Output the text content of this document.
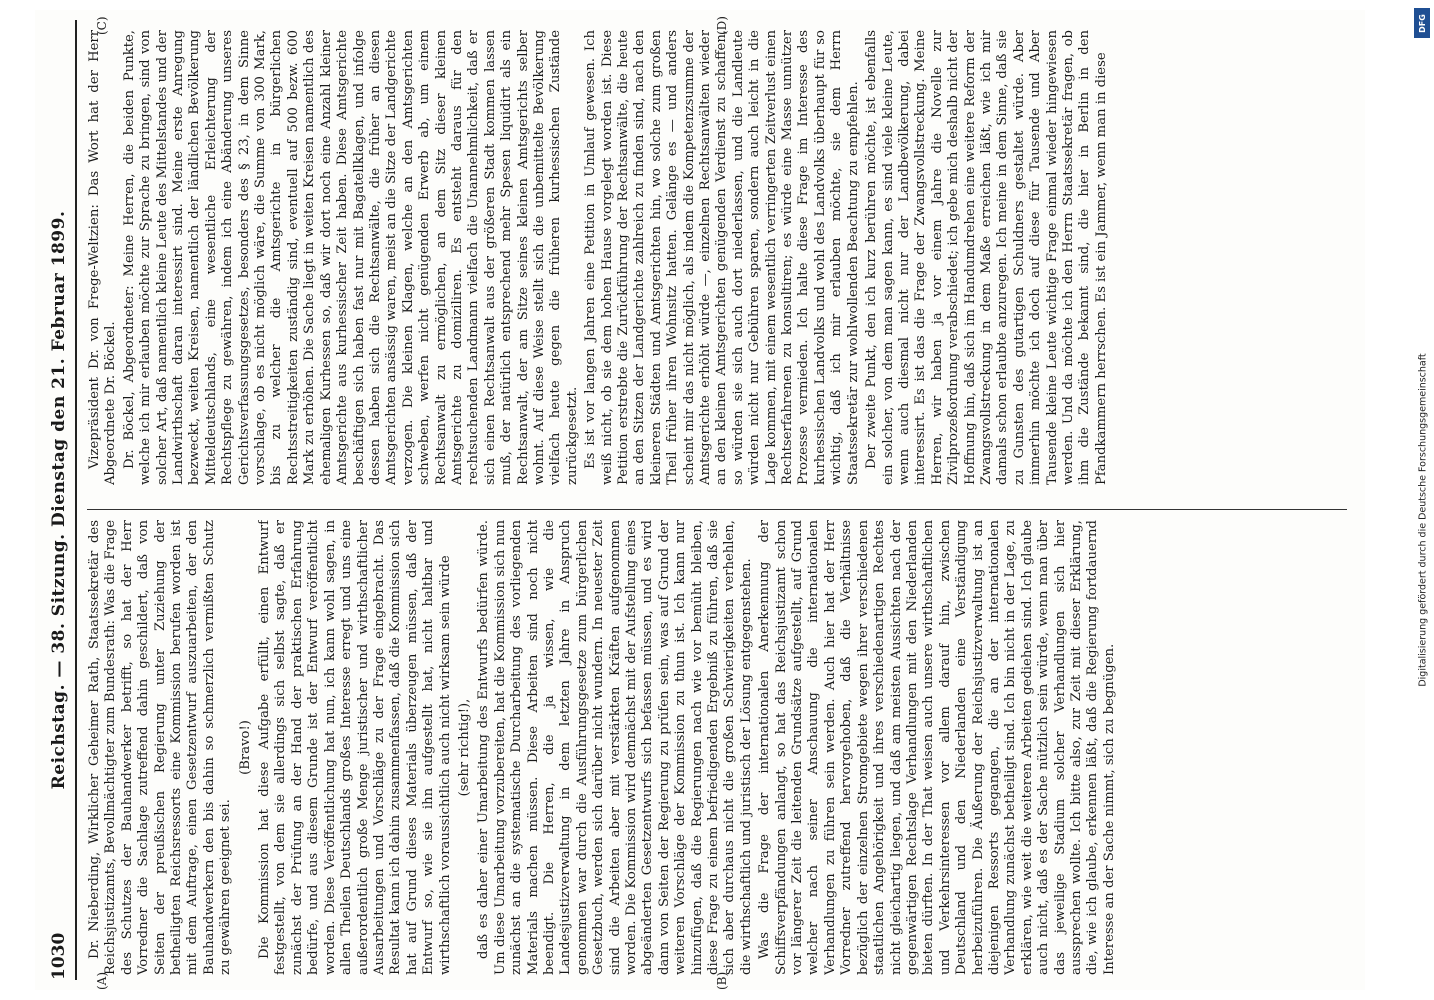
1030
Reichstag. — 38. Sitzung. Dienstag den 21. Februar 1899.
(A)	(B)
(C)	(D)

Dr. Nieberding, Wirklicher Geheimer Rath, Staatssekretär des Reichsjustizamts, Bevollmächtigter zum Bundesrath: Was die Frage des Schutzes der Bauhandwerker betrifft, so hat der Herr Vorredner die Sachlage zutreffend dahin geschildert, daß von Seiten der preußischen Regierung unter Zuziehung der betheiligten Reichsressorts eine Kommission berufen worden ist mit dem Auftrage, einen Gesetzentwurf auszuarbeiten, der den Bauhandwerkern den bis dahin so schmerzlich vermißten Schutz zu gewähren geeignet sei.

(Bravo!) Die Kommission hat diese Aufgabe erfüllt, einen Entwurf festgestellt, von dem sie allerdings sich selbst sagte, daß er zunächst der Prüfung an der Hand der praktischen Erfahrung bedürfe, und aus diesem Grunde ist der Entwurf veröffentlicht worden. Diese Veröffentlichung hat nun, ich kann wohl sagen, in allen Theilen Deutschlands großes Interesse erregt und uns eine außerordentlich große Menge juristischer und wirthschaftlicher Ausarbeitungen und Vorschläge zu der Frage eingebracht. Das Resultat kann ich dahin zusammenfassen, daß die Kommission sich hat auf Grund dieses Materials überzeugen müssen, daß der Entwurf so, wie sie ihn aufgestellt hat, nicht haltbar und wirthschaftlich voraussichtlich auch nicht wirksam sein würde (sehr richtig!), daß es daher einer Umarbeitung des Entwurfs bedürfen würde. Um diese Umarbeitung vorzubereiten, hat die Kommission sich nun zunächst an die systematische Durcharbeitung des vorliegenden Materials machen müssen. Diese Arbeiten sind noch nicht beendigt. Die Herren, die ja wissen, wie die Landesjustizverwaltung in dem letzten Jahre in Anspruch genommen war durch die Ausführungsgesetze zum bürgerlichen Gesetzbuch, werden sich darüber nicht wundern. In neuester Zeit sind die Arbeiten aber mit verstärkten Kräften aufgenommen worden. Die Kommission wird demnächst mit der Aufstellung eines abgeänderten Gesetzentwurfs sich befassen müssen, und es wird dann von Seiten der Regierung zu prüfen sein, was auf Grund der weiteren Vorschläge der Kommission zu thun ist. Ich kann nur hinzufügen, daß die Regierungen nach wie vor bemüht bleiben, diese Frage zu einem befriedigenden Ergebniß zu führen, daß sie sich aber durchaus nicht die großen Schwierigkeiten verhehlen, die wirthschaftlich und juristisch der Lösung entgegenstehen. Was die Frage der internationalen Anerkennung der Schiffsverpfändungen anlangt, so hat das Reichsjustizamt schon vor längerer Zeit die leitenden Grundsätze aufgestellt, auf Grund welcher nach seiner Anschauung die internationalen Verhandlungen zu führen sein werden. Auch hier hat der Herr Vorredner zutreffend hervorgehoben, daß die Verhältnisse bezüglich der einzelnen Stromgebiete wegen ihrer verschiedenen staatlichen Angehörigkeit und ihres verschiedenartigen Rechtes nicht gleichartig liegen, und daß am meisten Aussichten nach der gegenwärtigen Rechtslage Verhandlungen mit den Niederlanden bieten dürften. In der That weisen auch unsere wirthschaftlichen und Verkehrsinteressen vor allem darauf hin, zwischen Deutschland und den Niederlanden eine Verständigung herbeizuführen. Die Äußerung der Reichsjustizverwaltung ist an diejenigen Ressorts gegangen, die an der internationalen Verhandlung zunächst betheiligt sind. Ich bin nicht in der Lage, zu erklären, wie weit die weiteren Arbeiten gediehen sind. Ich glaube auch nicht, daß es der Sache nützlich sein würde, wenn man über das jeweilige Stadium solcher Verhandlungen sich hier aussprechen wollte. Ich bitte also, zur Zeit mit dieser Erklärung, die, wie ich glaube, erkennen läßt, daß die Regierung fortdauernd Interesse an der Sache nimmt, sich zu begnügen.

Vizepräsident Dr. von Frege-Weltzien: Das Wort hat der Herr Abgeordnete Dr. Böckel. Dr. Böckel, Abgeordneter: Meine Herren, die beiden Punkte, welche ich mir erlauben möchte zur Sprache zu bringen, sind von solcher Art, daß namentlich kleine Leute des Mittelstandes und der Landwirthschaft daran interessirt sind. Meine erste Anregung bezweckt, weiten Kreisen, namentlich der ländlichen Bevölkerung Mitteldeutschlands, eine wesentliche Erleichterung der Rechtspflege zu gewähren, indem ich eine Abänderung unseres Gerichtsverfassungsgesetzes, besonders des § 23, in dem Sinne vorschlage, ob es nicht möglich wäre, die Summe von 300 Mark, bis zu welcher die Amtsgerichte in bürgerlichen Rechtsstreitigkeiten zuständig sind, eventuell auf 500 bezw. 600 Mark zu erhöhen. Die Sache liegt in weiten Kreisen namentlich des ehemaligen Kurhessen so, daß wir dort noch eine Anzahl kleiner Amtsgerichte aus kurhessischer Zeit haben. Diese Amtsgerichte beschäftigen sich haben fast nur mit Bagatellklagen, und infolge dessen haben sich die Rechtsanwälte, die früher an diesen Amtsgerichten ansässig waren, meist an die Sitze der Landgerichte verzogen. Die kleinen Klagen, welche an den Amtsgerichten schweben, werfen nicht genügenden Erwerb ab, um einem Rechtsanwalt zu ermöglichen, an dem Sitz dieser kleinen Amtsgerichte zu domiziliren. Es entsteht daraus für den rechtsuchenden Landmann vielfach die Unannehmlichkeit, daß er sich einen Rechtsanwalt aus der größeren Stadt kommen lassen muß, der natürlich entsprechend mehr Spesen liquidirt als ein Rechtsanwalt, der am Sitze seines kleinen Amtsgerichts selber wohnt. Auf diese Weise stellt sich die unbemittelte Bevölkerung vielfach heute gegen die früheren kurhessischen Zustände zurückgesetzt. Es ist vor langen Jahren eine Petition in Umlauf gewesen. Ich weiß nicht, ob sie dem hohen Hause vorgelegt worden ist. Diese Petition erstrebte die Zurückführung der Rechtsanwälte, die heute an den Sitzen der Landgerichte zahlreich zu finden sind, nach den kleineren Städten und Amtsgerichten hin, wo solche zum großen Theil früher ihren Wohnsitz hatten. Gelänge es — und anders scheint mir das nicht möglich, als indem die Kompetenzsumme der Amtsgerichte erhöht würde —, einzelnen Rechtsanwälten wieder an den kleinen Amtsgerichten genügenden Verdienst zu schaffen, so würden sie sich auch dort niederlassen, und die Landleute würden nicht nur Gebühren sparen, sondern auch leicht in die Lage kommen, mit einem wesentlich verringerten Zeitverlust einen Rechtserfahrenen zu konsultiren; es würde eine Masse unnützer Prozesse vermieden. Ich halte diese Frage im Interesse des kurhessischen Landvolks und wohl des Landvolks überhaupt für so wichtig, daß ich mir erlauben möchte, sie dem Herrn Staatssekretär zur wohlwollenden Beachtung zu empfehlen. Der zweite Punkt, den ich kurz berühren möchte, ist ebenfalls ein solcher, von dem man sagen kann, es sind viele kleine Leute, wenn auch diesmal nicht nur der Landbevölkerung, dabei interessirt. Es ist das die Frage der Zwangsvollstreckung. Meine Herren, wir haben ja vor einem Jahre die Novelle zur Zivilprozeßordnung verabschiedet; ich gebe mich deshalb nicht der Hoffnung hin, daß sich im Handumdrehen eine weitere Reform der Zwangsvollstreckung in dem Maße erreichen läßt, wie ich mir damals schon erlaubte anzuregen. Ich meine in dem Sinne, daß sie zu Gunsten des gutartigen Schuldners gestaltet würde. Aber immerhin möchte ich doch auf diese für Tausende und Aber Tausende kleine Leute wichtige Frage einmal wieder hingewiesen werden. Und da möchte ich den Herrn Staatssekretär fragen, ob ihm die Zustände bekannt sind, die hier in Berlin in den Pfandkammern herrschen. Es ist ein Jammer, wenn man in diese

DFG
Digitalisierung gefördert durch die Deutsche Forschungsgemeinschaft
